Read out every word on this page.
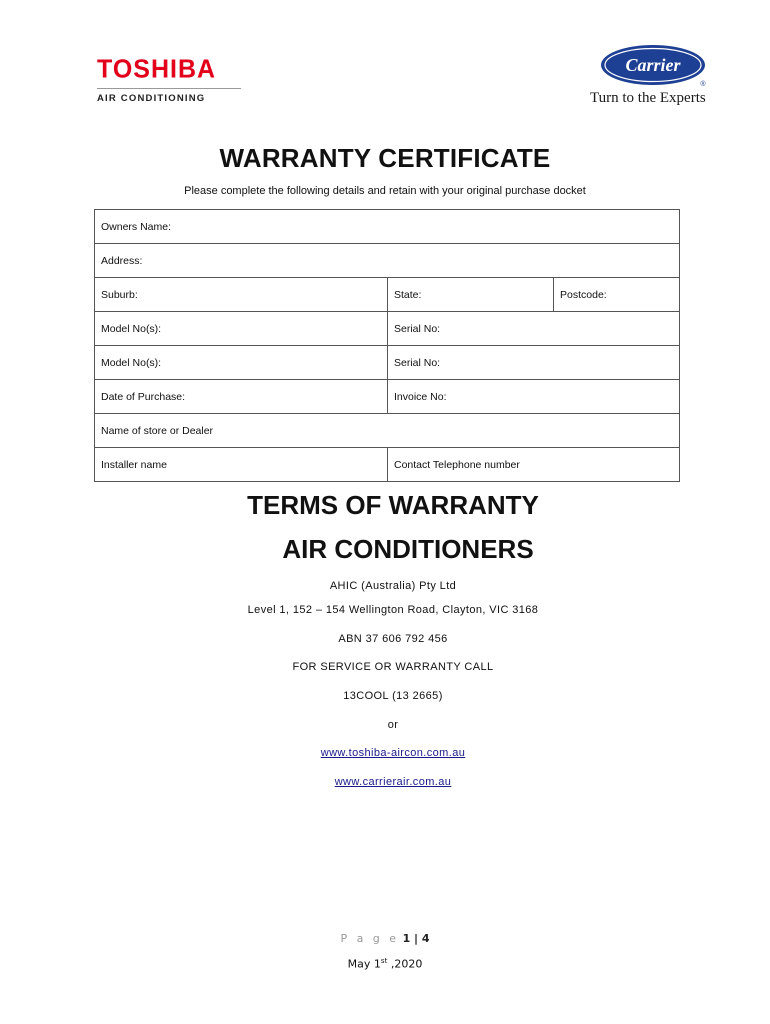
TOSHIBA
AIR CONDITIONING
Carrier
®
Turn to the Experts
WARRANTY CERTIFICATE
Please complete the following details and retain with your original purchase docket
Owners Name:		
Address:		
Suburb:	State:	Postcode:
Model No(s):	Serial No:	
Model No(s):	Serial No:	
Date of Purchase:	Invoice No:	
Name of store or Dealer		
Installer name	Contact Telephone number	
TERMS OF WARRANTY
AIR CONDITIONERS
AHIC (Australia) Pty Ltd
Level 1, 152 – 154 Wellington Road, Clayton, VIC 3168
ABN 37 606 792 456
FOR SERVICE OR WARRANTY CALL
13COOL (13 2665)
or
www.toshiba-aircon.com.au
www.carrierair.com.au
P a g e 1 | 4
May 1st ,2020
